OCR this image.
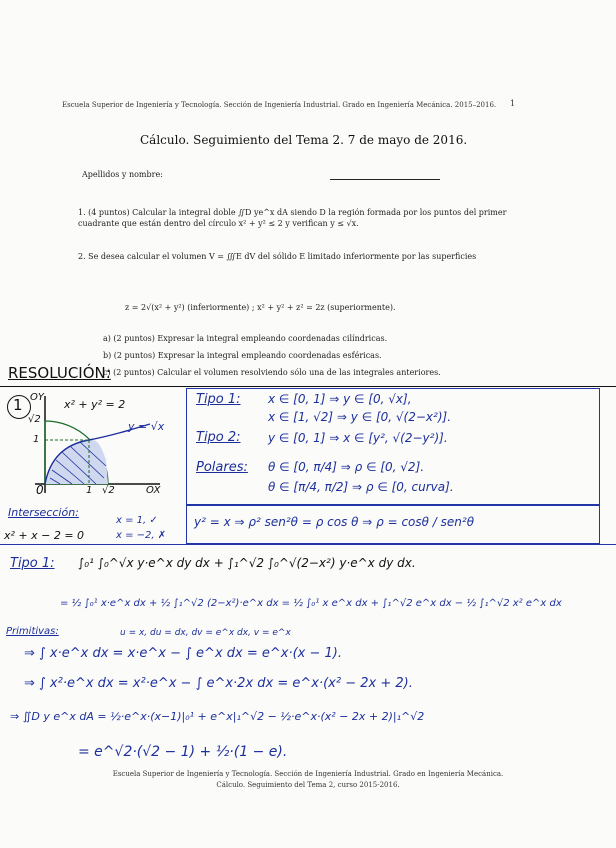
Escuela Superior de Ingeniería y Tecnología. Sección de Ingeniería Industrial. Grado en Ingeniería Mecánica. 2015–2016. 1
Cálculo. Seguimiento del Tema 2. 7 de mayo de 2016.
Apellidos y nombre:
1. (4 puntos) Calcular la integral doble ∬D ye^x dA siendo D la región formada por los puntos del primer cuadrante que están dentro del círculo x² + y² ≤ 2 y verifican y ≤ √x.
2. Se desea calcular el volumen V = ∭E dV del sólido E limitado inferiormente por las superficies
z = 2√(x² + y²) (inferiormente) ; x² + y² + z² = 2z (superiormente).
a) (2 puntos) Expresar la integral empleando coordenadas cilíndricas.
b) (2 puntos) Expresar la integral empleando coordenadas esféricas.
c) (2 puntos) Calcular el volumen resolviendo sólo una de las integrales anteriores.
RESOLUCIÓN:
1 OY
x² + y² = 2
y = √x
√2
1
0	1 √2	OX
Tipo 1: x ∈ [0, 1] ⇒ y ∈ [0, √x],
x ∈ [1, √2] ⇒ y ∈ [0, √(2−x²)].
Tipo 2: y ∈ [0, 1] ⇒ x ∈ [y², √(2−y²)].
Polares: θ ∈ [0, π/4] ⇒ ρ ∈ [0, √2].
θ ∈ [π/4, π/2] ⇒ ρ ∈ [0, curva].
Intersección:
x² + x − 2 = 0
x = 1, ✓
x = −2, ✗
y² = x ⇒ ρ² sen²θ = ρ cos θ ⇒ ρ = cosθ / sen²θ
Tipo 1: ∫₀¹ ∫₀^√x y·e^x dy dx + ∫₁^√2 ∫₀^√(2−x²) y·e^x dy dx.
= ½ ∫₀¹ x·e^x dx + ½ ∫₁^√2 (2−x²)·e^x dx = ½ ∫₀¹ x e^x dx + ∫₁^√2 e^x dx − ½ ∫₁^√2 x² e^x dx
Primitivas:	u = x, du = dx, dv = e^x dx, v = e^x
⇒ ∫ x·e^x dx = x·e^x − ∫ e^x dx = e^x·(x − 1).
⇒ ∫ x²·e^x dx = x²·e^x − ∫ e^x·2x dx = e^x·(x² − 2x + 2).
⇒ ∬D y e^x dA = ½·e^x·(x−1)|₀¹ + e^x|₁^√2 − ½·e^x·(x² − 2x + 2)|₁^√2
= e^√2·(√2 − 1) + ½·(1 − e).
Escuela Superior de Ingeniería y Tecnología. Sección de Ingeniería Industrial. Grado en Ingeniería Mecánica.
Cálculo. Seguimiento del Tema 2, curso 2015-2016.
